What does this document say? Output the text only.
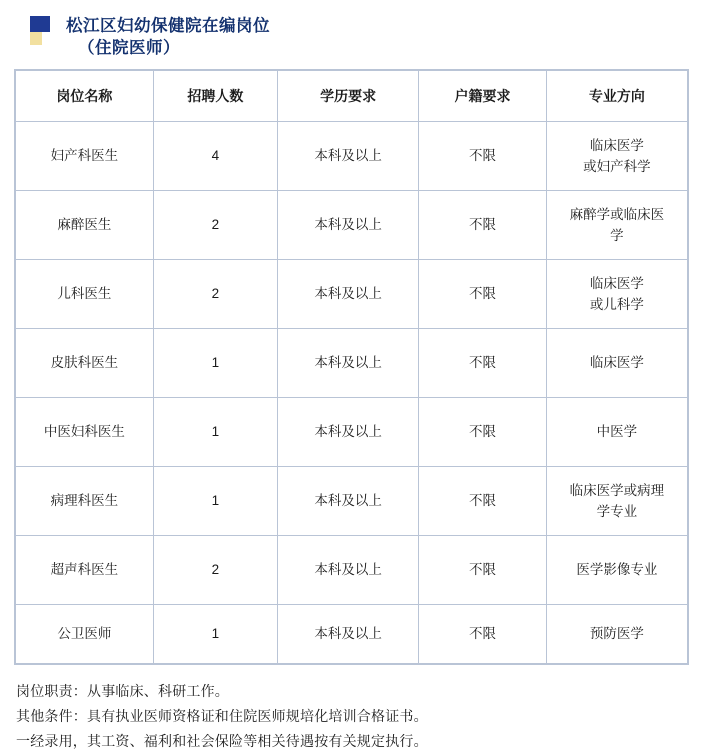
松江区妇幼保健院在编岗位
（住院医师）
岗位名称	招聘人数	学历要求	户籍要求	专业方向
妇产科医生	4	本科及以上	不限	临床医学
或妇产科学

麻醉医生	2	本科及以上	不限	麻醉学或临床医
学

儿科医生	2	本科及以上	不限	临床医学
或儿科学

皮肤科医生	1	本科及以上	不限	临床医学
中医妇科医生	1	本科及以上	不限	中医学
病理科医生	1	本科及以上	不限	临床医学或病理
学专业

超声科医生	2	本科及以上	不限	医学影像专业
公卫医师	1	本科及以上	不限	预防医学
岗位职责：从事临床、科研工作。
其他条件：具有执业医师资格证和住院医师规培化培训合格证书。
一经录用，其工资、福利和社会保险等相关待遇按有关规定执行。
